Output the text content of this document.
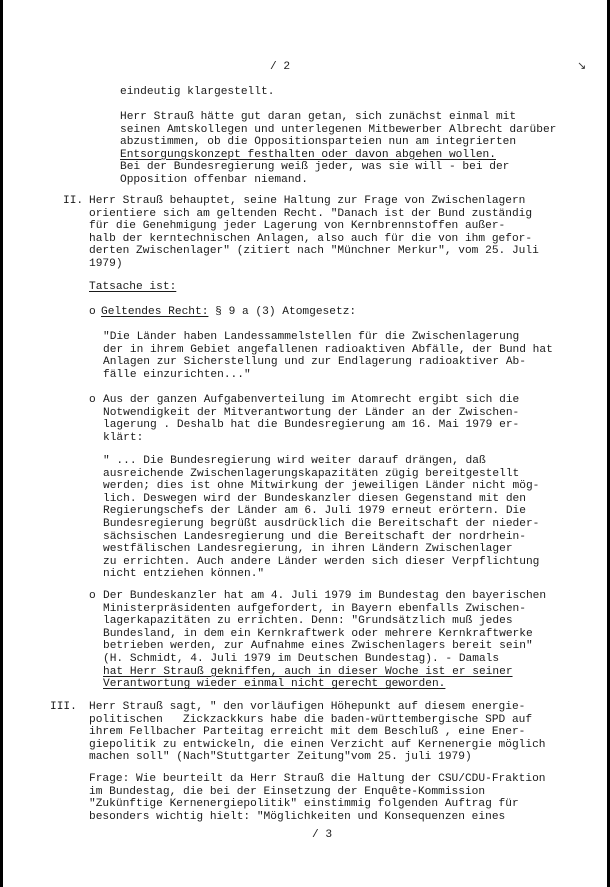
/ 2	↘
eindeutig klargestellt.
Herr Strauß hätte gut daran getan, sich zunächst einmal mit
seinen Amtskollegen und unterlegenen Mitbewerber Albrecht darüber
abzustimmen, ob die Oppositionsparteien nun am integrierten
Entsorgungskonzept festhalten oder davon abgehen wollen.
Bei der Bundesregierung weiß jeder, was sie will - bei der
Opposition offenbar niemand.
II. Herr Strauß behauptet, seine Haltung zur Frage von Zwischenlagern
orientiere sich am geltenden Recht. "Danach ist der Bund zuständig
für die Genehmigung jeder Lagerung von Kernbrennstoffen außer-
halb der kerntechnischen Anlagen, also auch für die von ihm gefor-
derten Zwischenlager" (zitiert nach "Münchner Merkur", vom 25. Juli
1979)
Tatsache ist:
o Geltendes Recht: § 9 a (3) Atomgesetz:
"Die Länder haben Landessammelstellen für die Zwischenlagerung
der in ihrem Gebiet angefallenen radioaktiven Abfälle, der Bund hat
Anlagen zur Sicherstellung und zur Endlagerung radioaktiver Ab-
fälle einzurichten..."
o Aus der ganzen Aufgabenverteilung im Atomrecht ergibt sich die
Notwendigkeit der Mitverantwortung der Länder an der Zwischen-
lagerung . Deshalb hat die Bundesregierung am 16. Mai 1979 er-
klärt:
" ... Die Bundesregierung wird weiter darauf drängen, daß
ausreichende Zwischenlagerungskapazitäten zügig bereitgestellt
werden; dies ist ohne Mitwirkung der jeweiligen Länder nicht mög-
lich. Deswegen wird der Bundeskanzler diesen Gegenstand mit den
Regierungschefs der Länder am 6. Juli 1979 erneut erörtern. Die
Bundesregierung begrüßt ausdrücklich die Bereitschaft der nieder-
sächsischen Landesregierung und die Bereitschaft der nordrhein-
westfälischen Landesregierung, in ihren Ländern Zwischenlager
zu errichten. Auch andere Länder werden sich dieser Verpflichtung
nicht entziehen können."
o Der Bundeskanzler hat am 4. Juli 1979 im Bundestag den bayerischen
Ministerpräsidenten aufgefordert, in Bayern ebenfalls Zwischen-
lagerkapazitäten zu errichten. Denn: "Grundsätzlich muß jedes
Bundesland, in dem ein Kernkraftwerk oder mehrere Kernkraftwerke
betrieben werden, zur Aufnahme eines Zwischenlagers bereit sein"
(H. Schmidt, 4. Juli 1979 im Deutschen Bundestag). - Damals
hat Herr Strauß gekniffen, auch in dieser Woche ist er seiner
Verantwortung wieder einmal nicht gerecht geworden.
III. Herr Strauß sagt, " den vorläufigen Höhepunkt auf diesem energie-
politischen   Zickzackkurs habe die baden-württembergische SPD auf
ihrem Fellbacher Parteitag erreicht mit dem Beschluß , eine Ener-
giepolitik zu entwickeln, die einen Verzicht auf Kernenergie möglich
machen soll" (Nach"Stuttgarter Zeitung"vom 25. juli 1979)
Frage: Wie beurteilt da Herr Strauß die Haltung der CSU/CDU-Fraktion
im Bundestag, die bei der Einsetzung der Enquête-Kommission
"Zukünftige Kernenergiepolitik" einstimmig folgenden Auftrag für
besonders wichtig hielt: "Möglichkeiten und Konsequenzen eines
/ 3
